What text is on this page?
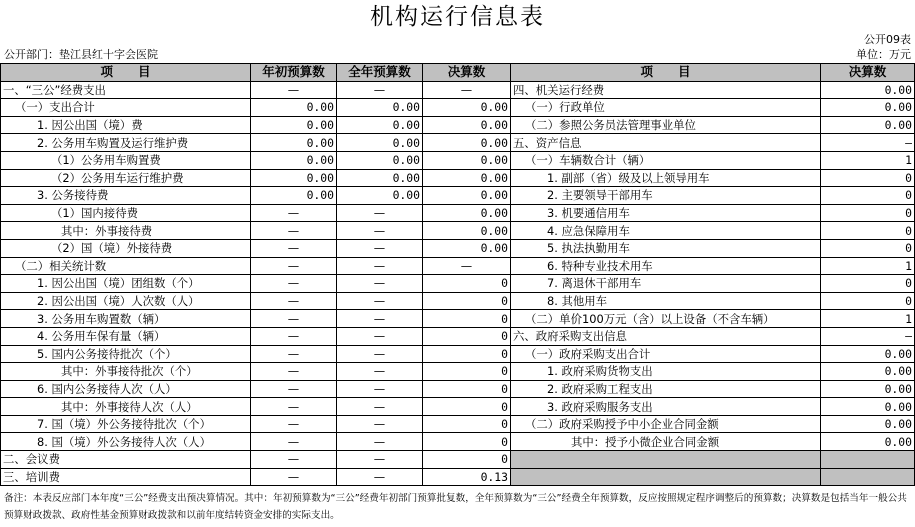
机构运行信息表
公开09表
公开部门：垫江县红十字会医院	单位：万元
项　　目	年初预算数	全年预算数	决算数	项　　目	决算数
一、“三公”经费支出	—	—	—	四、机关运行经费	0.00
（一）支出合计	0.00	0.00	0.00	（一）行政单位	0.00
1. 因公出国（境）费	0.00	0.00	0.00	（二）参照公务员法管理事业单位	0.00
2. 公务用车购置及运行维护费	0.00	0.00	0.00	五、资产信息	—
（1）公务用车购置费	0.00	0.00	0.00	（一）车辆数合计（辆）	1
（2）公务用车运行维护费	0.00	0.00	0.00	1. 副部（省）级及以上领导用车	0
3. 公务接待费	0.00	0.00	0.00	2. 主要领导干部用车	0
（1）国内接待费	—	—	0.00	3. 机要通信用车	0
其中：外事接待费	—	—	0.00	4. 应急保障用车	0
（2）国（境）外接待费	—	—	0.00	5. 执法执勤用车	0
（二）相关统计数	—	—	—	6. 特种专业技术用车	1
1. 因公出国（境）团组数（个）	—	—	0	7. 离退休干部用车	0
2. 因公出国（境）人次数（人）	—	—	0	8. 其他用车	0
3. 公务用车购置数（辆）	—	—	0	（二）单价100万元（含）以上设备（不含车辆）	1
4. 公务用车保有量（辆）	—	—	0	六、政府采购支出信息	—
5. 国内公务接待批次（个）	—	—	0	（一）政府采购支出合计	0.00
其中：外事接待批次（个）	—	—	0	1. 政府采购货物支出	0.00
6. 国内公务接待人次（人）	—	—	0	2. 政府采购工程支出	0.00
其中：外事接待人次（人）	—	—	0	3. 政府采购服务支出	0.00
7. 国（境）外公务接待批次（个）	—	—	0	（二）政府采购授予中小企业合同金额	0.00
8. 国（境）外公务接待人次（人）	—	—	0	其中：授予小微企业合同金额	0.00
二、会议费	—	—	0		
三、培训费	—	—	0.13		
备注：本表反应部门本年度“三公”经费支出预决算情况。其中：年初预算数为“三公”经费年初部门预算批复数，全年预算数为“三公”经费全年预算数，反应按照规定程序调整后的预算数；决算数是包括当年一般公共预算财政拨款、政府性基金预算财政拨款和以前年度结转资金安排的实际支出。
